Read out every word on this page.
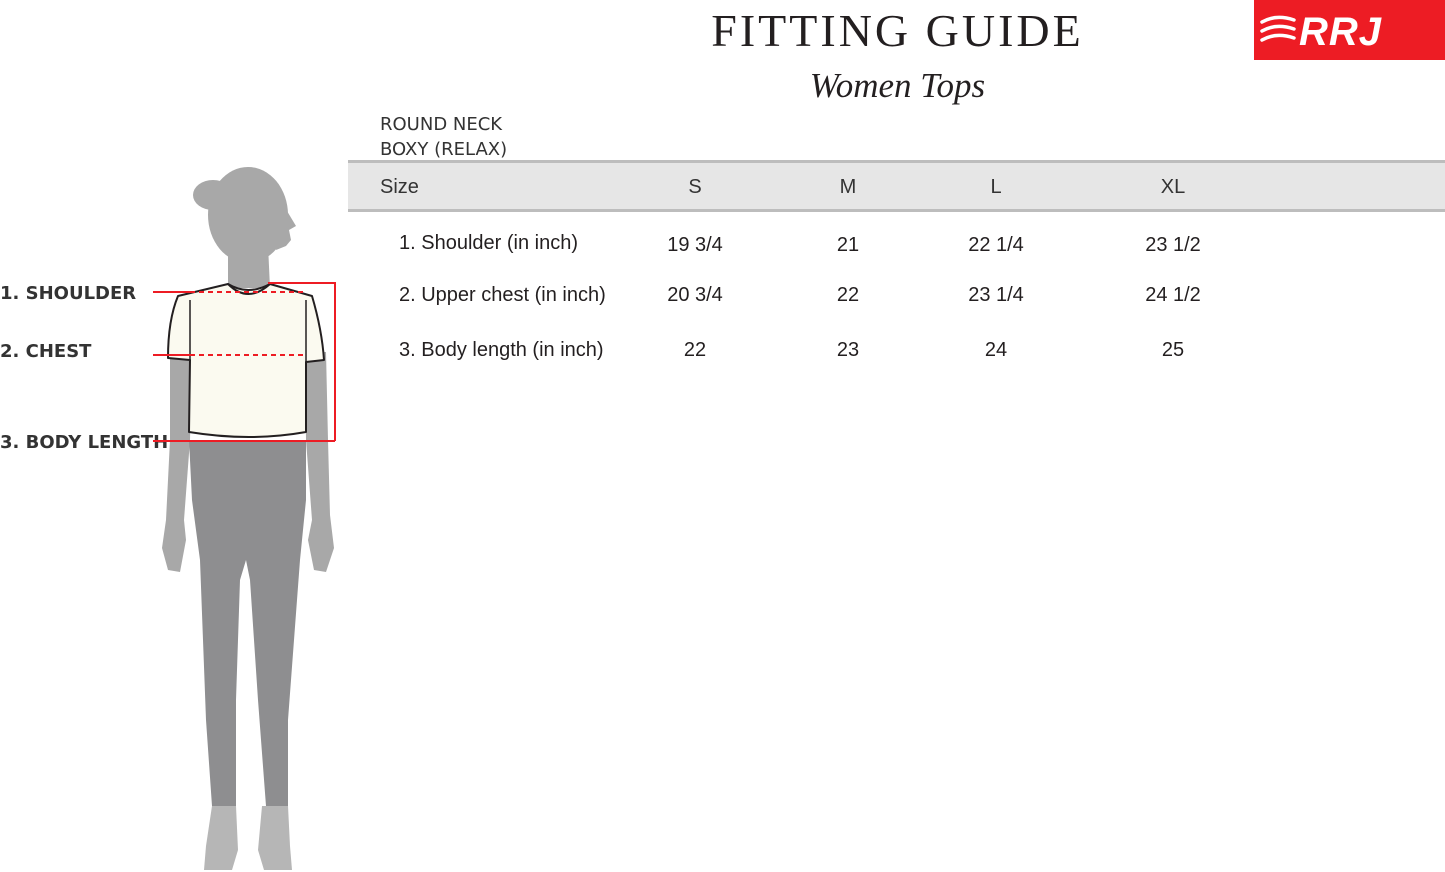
FITTING GUIDE
Women Tops
RRJ
ROUND NECK
BOXY (RELAX)
Size	S	M	L	XL
1. Shoulder (in inch)	19 3/4	21	22 1/4	23 1/2
2. Upper chest (in inch)	20 3/4	22	23 1/4	24 1/2
3. Body length (in inch)	22	23	24	25
1. SHOULDER
2. CHEST
3. BODY LENGTH
